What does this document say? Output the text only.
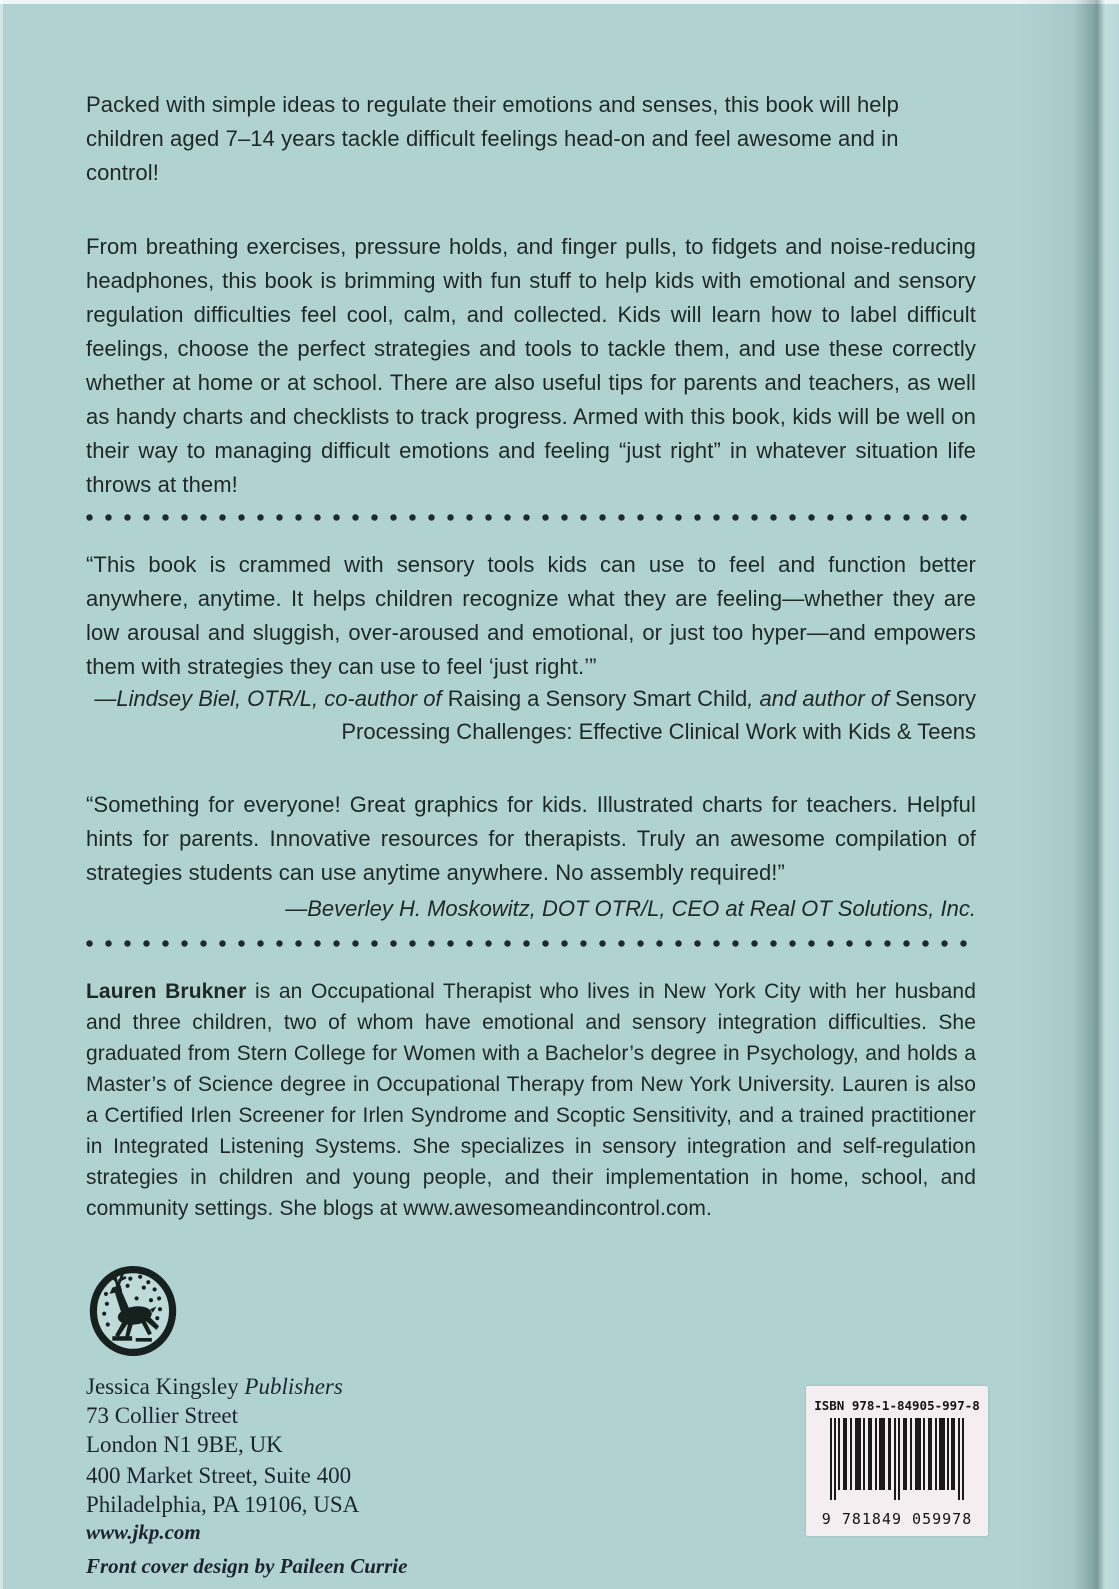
Packed with simple ideas to regulate their emotions and senses, this book will help children aged 7–14 years tackle difficult feelings head-on and feel awesome and in control!

From breathing exercises, pressure holds, and finger pulls, to fidgets and noise-reducing headphones, this book is brimming with fun stuff to help kids with emotional and sensory regulation difficulties feel cool, calm, and collected. Kids will learn how to label difficult feelings, choose the perfect strategies and tools to tackle them, and use these correctly whether at home or at school. There are also useful tips for parents and teachers, as well as handy charts and checklists to track progress. Armed with this book, kids will be well on their way to managing difficult emotions and feeling “just right” in whatever situation life throws at them!

“This book is crammed with sensory tools kids can use to feel and function better anywhere, anytime. It helps children recognize what they are feeling—whether they are low arousal and sluggish, over-aroused and emotional, or just too hyper—and empowers them with strategies they can use to feel ‘just right.’”

—Lindsey Biel, OTR/L, co-author of Raising a Sensory Smart Child, and author of Sensory Processing Challenges: Effective Clinical Work with Kids & Teens

“Something for everyone! Great graphics for kids. Illustrated charts for teachers. Helpful hints for parents. Innovative resources for therapists. Truly an awesome compilation of strategies students can use anytime anywhere. No assembly required!”

—Beverley H. Moskowitz, DOT OTR/L, CEO at Real OT Solutions, Inc.

Lauren Brukner is an Occupational Therapist who lives in New York City with her husband and three children, two of whom have emotional and sensory integration difficulties. She graduated from Stern College for Women with a Bachelor’s degree in Psychology, and holds a Master’s of Science degree in Occupational Therapy from New York University. Lauren is also a Certified Irlen Screener for Irlen Syndrome and Scoptic Sensitivity, and a trained practitioner in Integrated Listening Systems. She specializes in sensory integration and self-regulation strategies in children and young people, and their implementation in home, school, and community settings. She blogs at www.awesomeandincontrol.com.

Jessica Kingsley Publishers

73 Collier Street

London N1 9BE, UK

400 Market Street, Suite 400

Philadelphia, PA 19106, USA

www.jkp.com

Front cover design by Paileen Currie

ISBN 978-1-84905-997-8
9 781849 059978
